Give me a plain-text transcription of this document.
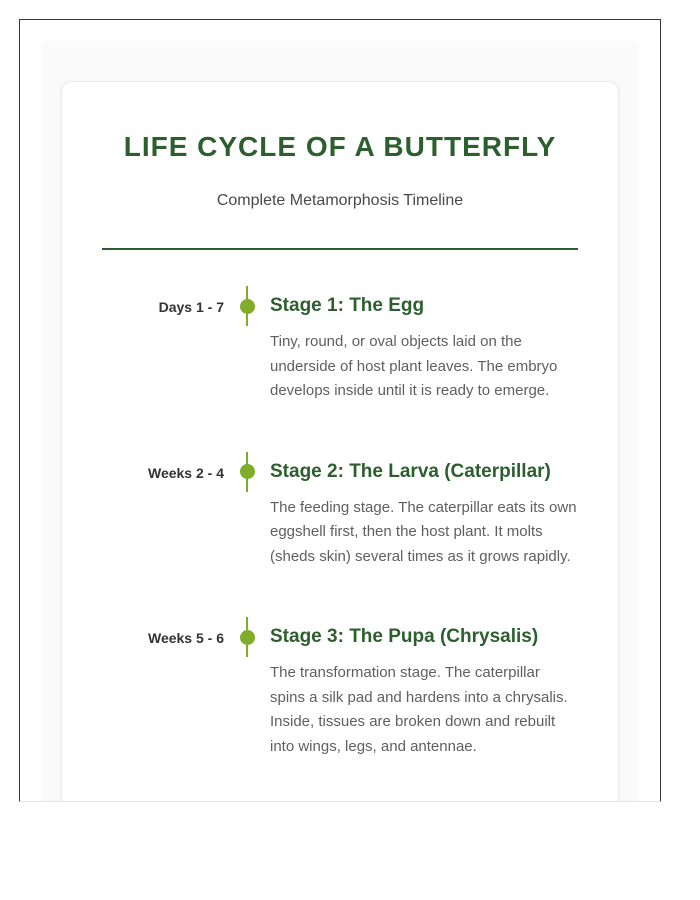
LIFE CYCLE OF A BUTTERFLY
Complete Metamorphosis Timeline
Days 1 - 7 Stage 1: The Egg

Tiny, round, or oval objects laid on the underside of host plant leaves. The embryo develops inside until it is ready to emerge.

Weeks 2 - 4 Stage 2: The Larva (Caterpillar)

The feeding stage. The caterpillar eats its own eggshell first, then the host plant. It molts (sheds skin) several times as it grows rapidly.

Weeks 5 - 6 Stage 3: The Pupa (Chrysalis)

The transformation stage. The caterpillar spins a silk pad and hardens into a chrysalis. Inside, tissues are broken down and rebuilt into wings, legs, and antennae.
